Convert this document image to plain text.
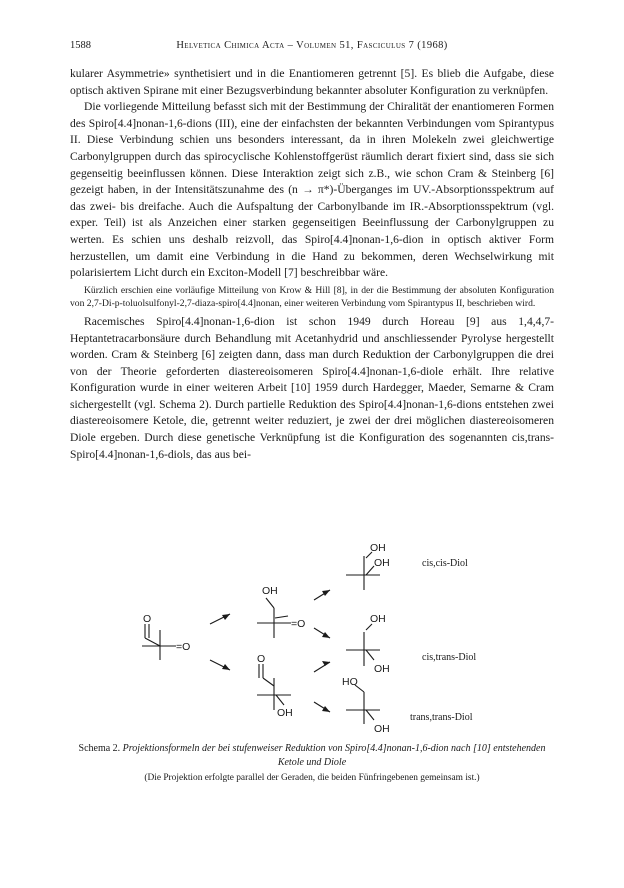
1588	Helvetica Chimica Acta – Volumen 51, Fasciculus 7 (1968)

kularer Asymmetrie» synthetisiert und in die Enantiomeren getrennt [5]. Es blieb die Aufgabe, diese optisch aktiven Spirane mit einer Bezugsverbindung bekannter absoluter Konfiguration zu verknüpfen.

Die vorliegende Mitteilung befasst sich mit der Bestimmung der Chiralität der enantiomeren Formen des Spiro[4.4]nonan-1,6-dions (III), eine der einfachsten der bekannten Verbindungen vom Spirantypus II. Diese Verbindung schien uns besonders interessant, da in ihren Molekeln zwei gleichwertige Carbonylgruppen durch das spirocyclische Kohlenstoffgerüst räumlich derart fixiert sind, dass sie sich gegenseitig beeinflussen können. Diese Interaktion zeigt sich z.B., wie schon Cram & Steinberg [6] gezeigt haben, in der Intensitätszunahme des (n → π*)-Überganges im UV.-Absorptionsspektrum auf das zwei- bis dreifache. Auch die Aufspaltung der Carbonylbande im IR.-Absorptionsspektrum (vgl. exper. Teil) ist als Anzeichen einer starken gegenseitigen Beeinflussung der Carbonylgruppen zu werten. Es schien uns deshalb reizvoll, das Spiro[4.4]nonan-1,6-dion in optisch aktiver Form herzustellen, um damit eine Verbindung in die Hand zu bekommen, deren Wechselwirkung mit polarisiertem Licht durch ein Exciton-Modell [7] beschreibbar wäre.

Kürzlich erschien eine vorläufige Mitteilung von Krow & Hill [8], in der die Bestimmung der absoluten Konfiguration von 2,7-Di-p-toluolsulfonyl-2,7-diaza-spiro[4.4]nonan, einer weiteren Verbindung vom Spirantypus II, beschrieben wird.

Racemisches Spiro[4.4]nonan-1,6-dion ist schon 1949 durch Horeau [9] aus 1,4,4,7-Heptantetracarbonsäure durch Behandlung mit Acetanhydrid und anschliessender Pyrolyse hergestellt worden. Cram & Steinberg [6] zeigten dann, dass man durch Reduktion der Carbonylgruppen die drei von der Theorie geforderten diastereoisomeren Spiro[4.4]nonan-1,6-diole erhält. Ihre relative Konfiguration wurde in einer weiteren Arbeit [10] 1959 durch Hardegger, Maeder, Semarne & Cram sichergestellt (vgl. Schema 2). Durch partielle Reduktion des Spiro[4.4]nonan-1,6-dions entstehen zwei diastereoisomere Ketole, die, getrennt weiter reduziert, je zwei der drei möglichen diastereoisomeren Diole ergeben. Durch diese genetische Verknüpfung ist die Konfiguration des sogenannten cis,trans-Spiro[4.4]nonan-1,6-diols, das aus bei-

O
=O
OH
=O
O
OH
OH
OH
OH
OH
HO
OH
cis,cis-Diol
cis,trans-Diol
trans,trans-Diol
Schema 2. Projektionsformeln der bei stufenweiser Reduktion von Spiro[4.4]nonan-1,6-dion nach [10] entstehenden Ketole und Diole
(Die Projektion erfolgte parallel der Geraden, die beiden Fünfringebenen gemeinsam ist.)
